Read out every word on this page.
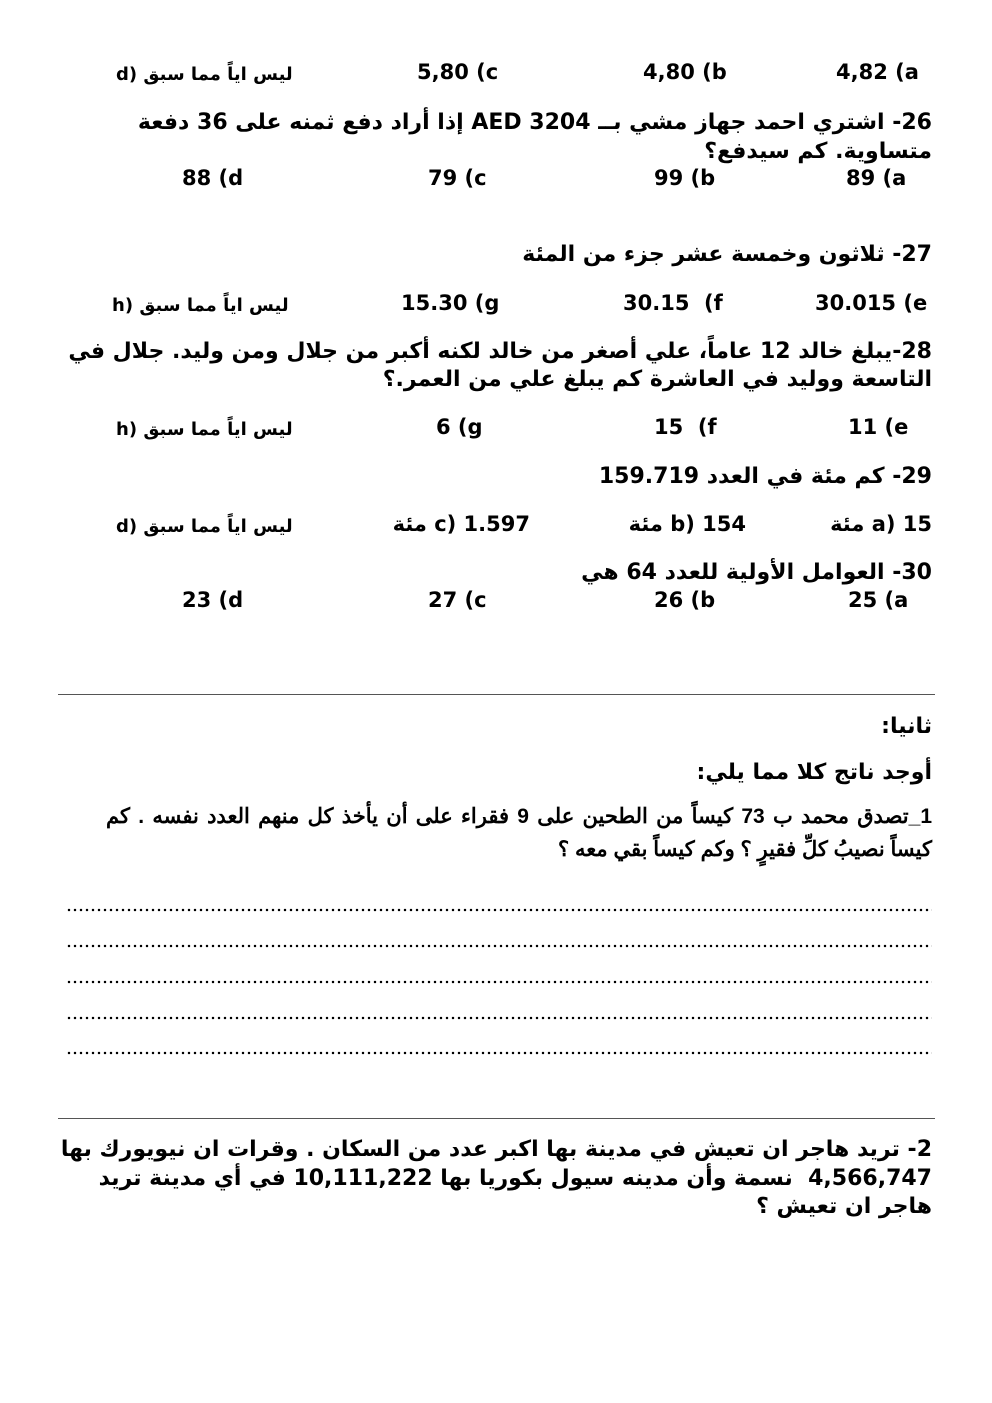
4,82 (a
4,80 (b
5,80 (c
d) ليس اياً مما سبق
26- اشتري احمد جهاز مشي بــ AED 3204 إذا أراد دفع ثمنه على 36 دفعة
متساوية. كم سيدفع؟
89 (a
99 (b
79 (c
88 (d
27- ثلاثون وخمسة عشر جزء من المئة
30.015 (e
30.15  (f
15.30 (g
h) ليس اياً مما سبق
28-يبلغ خالد 12 عاماً، علي أصغر من خالد لكنه أكبر من جلال ومن وليد. جلال في
التاسعة ووليد في العاشرة كم يبلغ علي من العمر.؟
11 (e
15  (f
6 (g
h) ليس اياً مما سبق
29- كم مئة في العدد 159.719
a) 15 مئة
b) 154 مئة
c) 1.597 مئة
d) ليس اياً مما سبق
30- العوامل الأولية للعدد 64 هي
25 (a
26 (b
27 (c
23 (d
ثانيا:
أوجد ناتج كلا مما يلي:
1_تصدق محمد ب 73 كيساً من الطحين على 9 فقراء على أن يأخذ كل منهم العدد نفسه . كم كيساً نصيبُ كلِّ فقيرٍ ؟ وكم كيساً بقي معه ؟
2- تريد هاجر ان تعيش في مدينة بها اكبر عدد من السكان . وقرات ان نيويورك بها
4,566,747  نسمة وأن مدينه سيول بكوريا بها 10,111,222 في أي مدينة تريد
هاجر ان تعيش ؟
